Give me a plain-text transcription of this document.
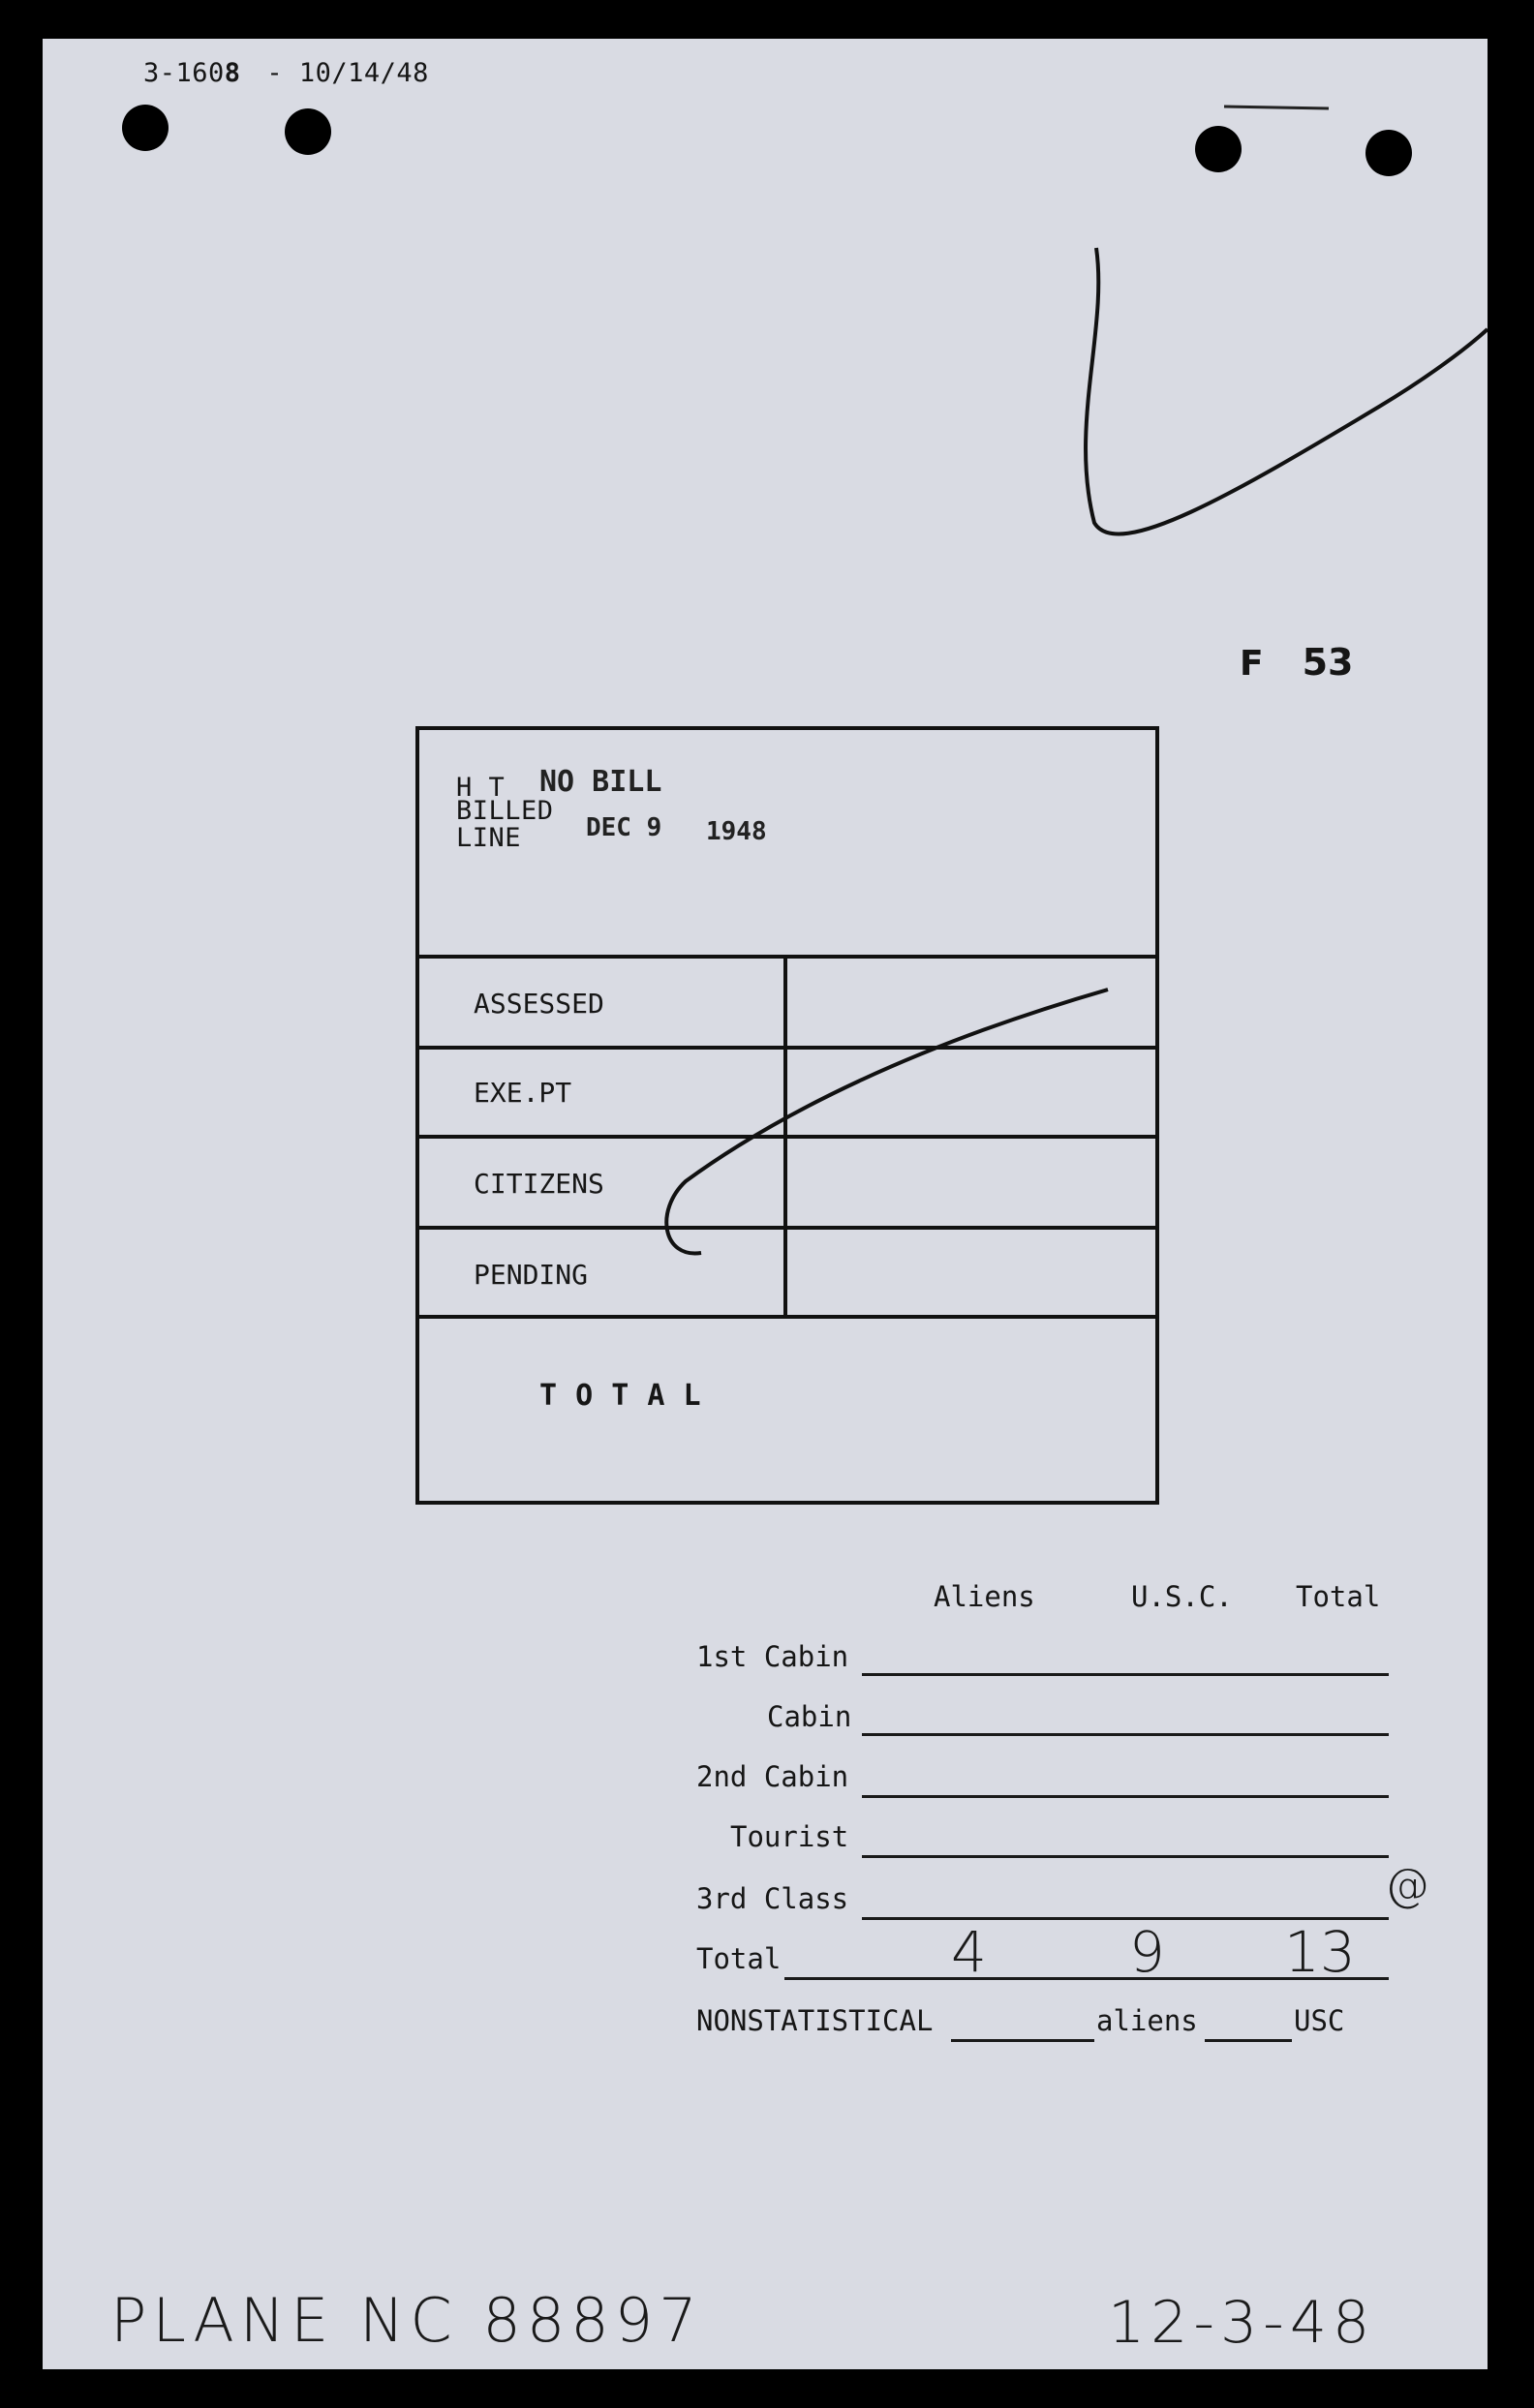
3-1608 - 10/14/48
F 53
H T
BILLED
LINE
NO BILL
DEC 9 1948
ASSESSED
EXE.PT
CITIZENS
PENDING
T O T A L
Aliens	U.S.C. Total
1st Cabin
Cabin
2nd Cabin
Tourist
3rd Class
Total	4	9 13
NONSTATISTICAL	aliens	USC
@
PLANE NC 88897	12-3-48
